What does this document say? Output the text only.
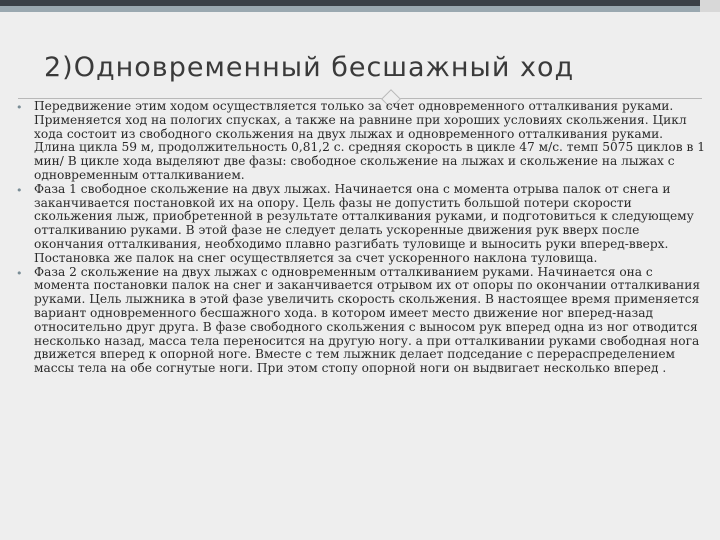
2)Одновременный бесшажный ход

• Передвижение этим ходом осуществляется только за счет одновременного отталкивания руками. Применяется ход на пологих спусках, а также на равнине при хороших условиях скольжения. Цикл хода состоит из свободного скольжения на двух лыжах и одновременного отталкивания руками. Длина цикла 59 м, продолжительность 0,81,2 с. средняя скорость в цикле 47 м/с. темп 5075 циклов в 1 мин/ В цикле хода выделяют две фазы: свободное скольжение на лыжах и скольжение на лыжах с одновременным отталкиванием.

• Фаза 1 свободное скольжение на двух лыжах. Начинается она с момента отрыва палок от снега и заканчивается постановкой их на опору. Цель фазы не допустить большой потери скорости скольжения лыж, приобретенной в результате отталкивания руками, и подготовиться к следующему отталкиванию руками. В этой фазе не следует делать ускоренные движения рук вверх после окончания отталкивания, необходимо плавно разгибать туловище и выносить руки вперед-вверх. Постановка же палок на снег осуществляется за счет ускоренного наклона туловища.

• Фаза 2 скольжение на двух лыжах с одновременным отталкиванием руками. Начинается она с момента постановки палок на снег и заканчивается отрывом их от опоры по окончании отталкивания руками. Цель лыжника в этой фазе увеличить скорость скольжения. В настоящее время применяется вариант одновременного бесшажного хода. в котором имеет место движение ног вперед-назад относительно друг друга. В фазе свободного скольжения с выносом рук вперед одна из ног отводится несколько назад, масса тела переносится на другую ногу. а при отталкивании руками свободная нога движется вперед к опорной ноге. Вместе с тем лыжник делает подседание с перераспределением массы тела на обе согнутые ноги. При этом стопу опорной ноги он выдвигает несколько вперед .
